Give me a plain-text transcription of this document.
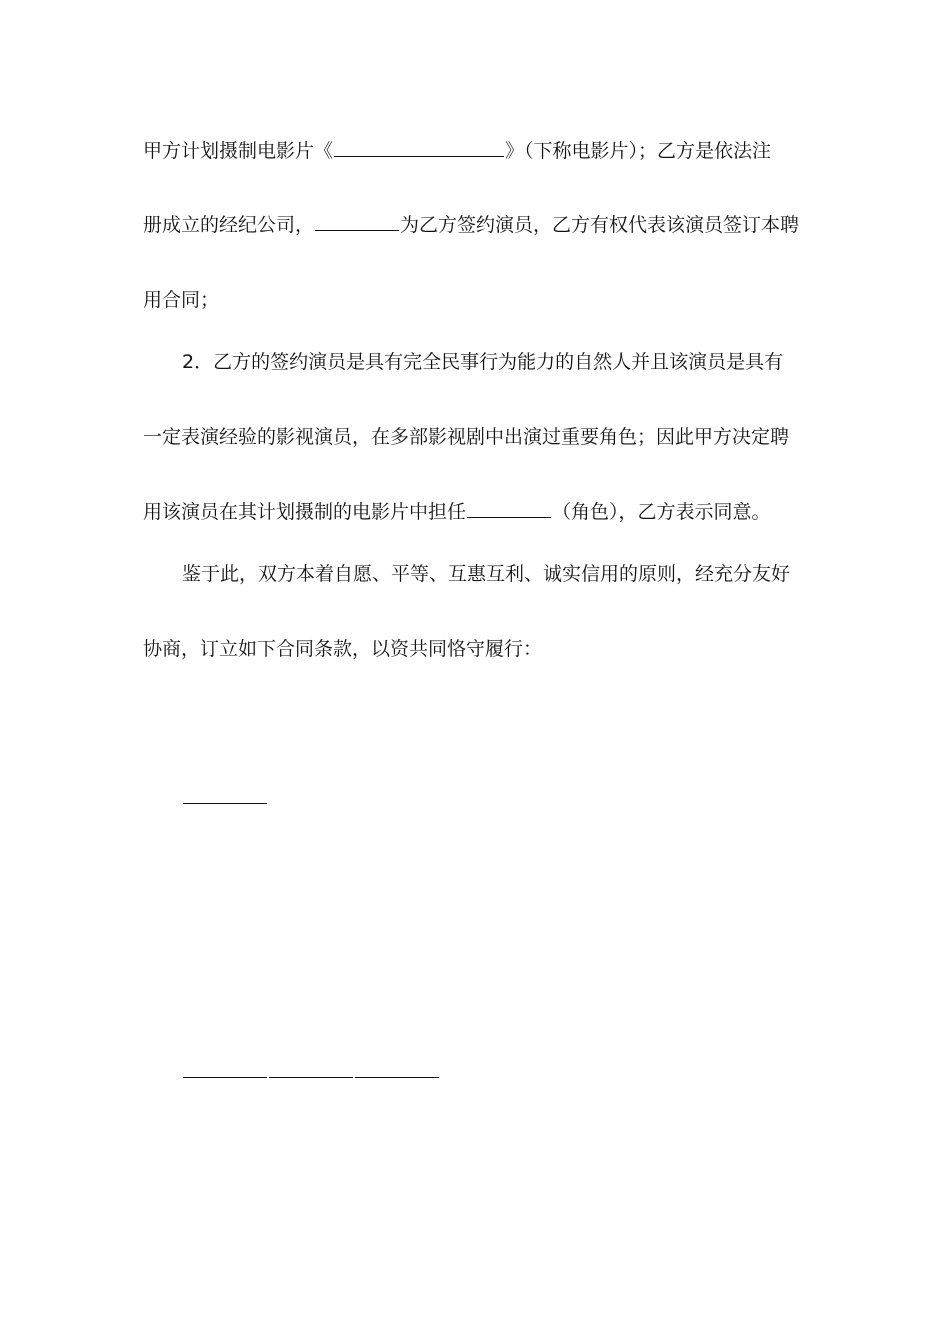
甲方计划摄制电影片《	》（下称电影片）；乙方是依法注
册成立的经纪公司，	为乙方签约演员，乙方有权代表该演员签订本聘
用合同；
2．乙方的签约演员是具有完全民事行为能力的自然人并且该演员是具有
一定表演经验的影视演员，在多部影视剧中出演过重要角色；因此甲方决定聘
用该演员在其计划摄制的电影片中担任	（角色），乙方表示同意。
鉴于此，双方本着自愿、平等、互惠互利、诚实信用的原则，经充分友好
协商，订立如下合同条款，以资共同恪守履行：
